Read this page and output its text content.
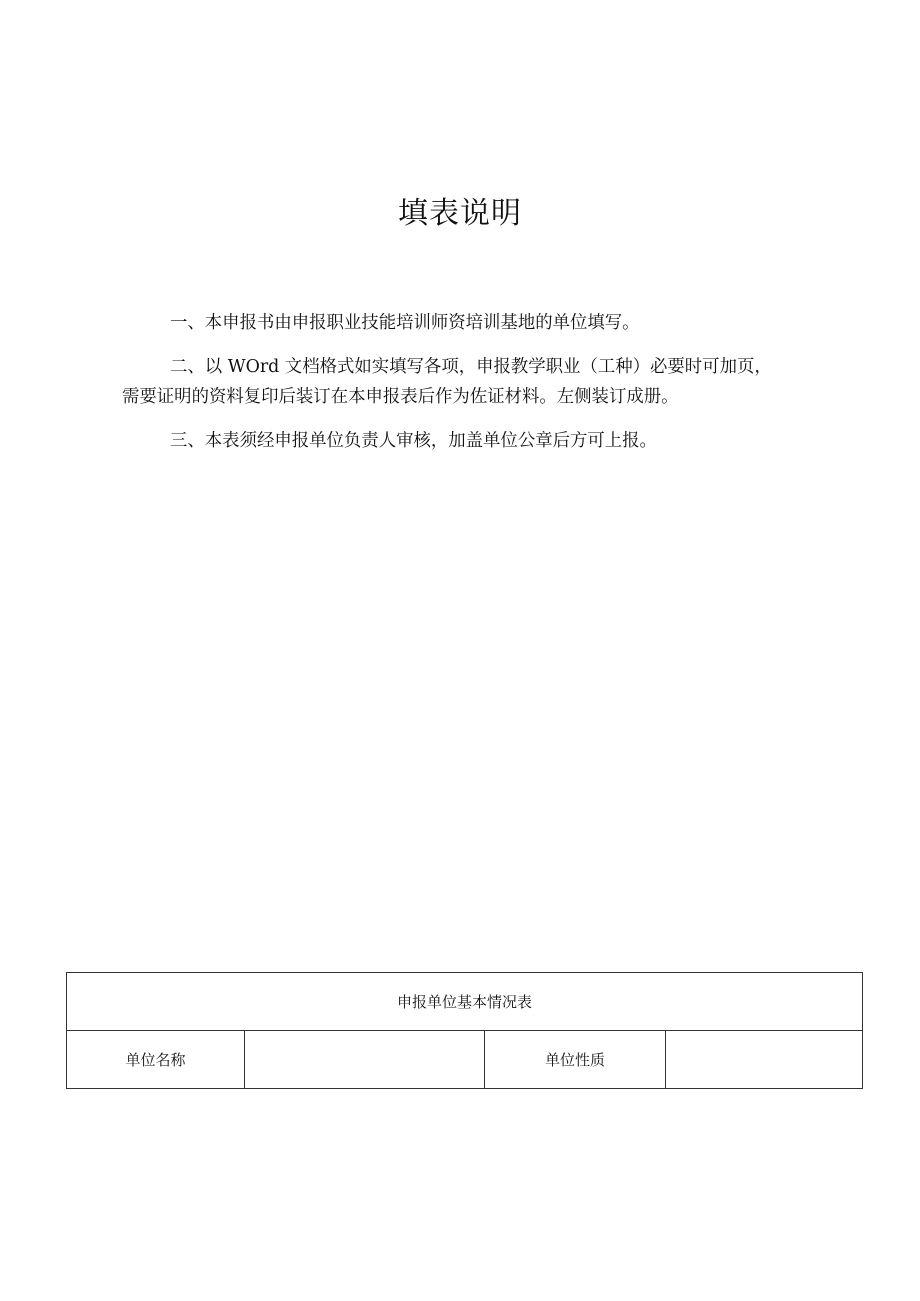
填表说明

一、本申报书由申报职业技能培训师资培训基地的单位填写。

二、以 WOrd 文档格式如实填写各项，申报教学职业（工种）必要时可加页，

需要证明的资料复印后装订在本申报表后作为佐证材料。左侧装订成册。

三、本表须经申报单位负责人审核，加盖单位公章后方可上报。

申报单位基本情况表
单位名称		单位性质	
